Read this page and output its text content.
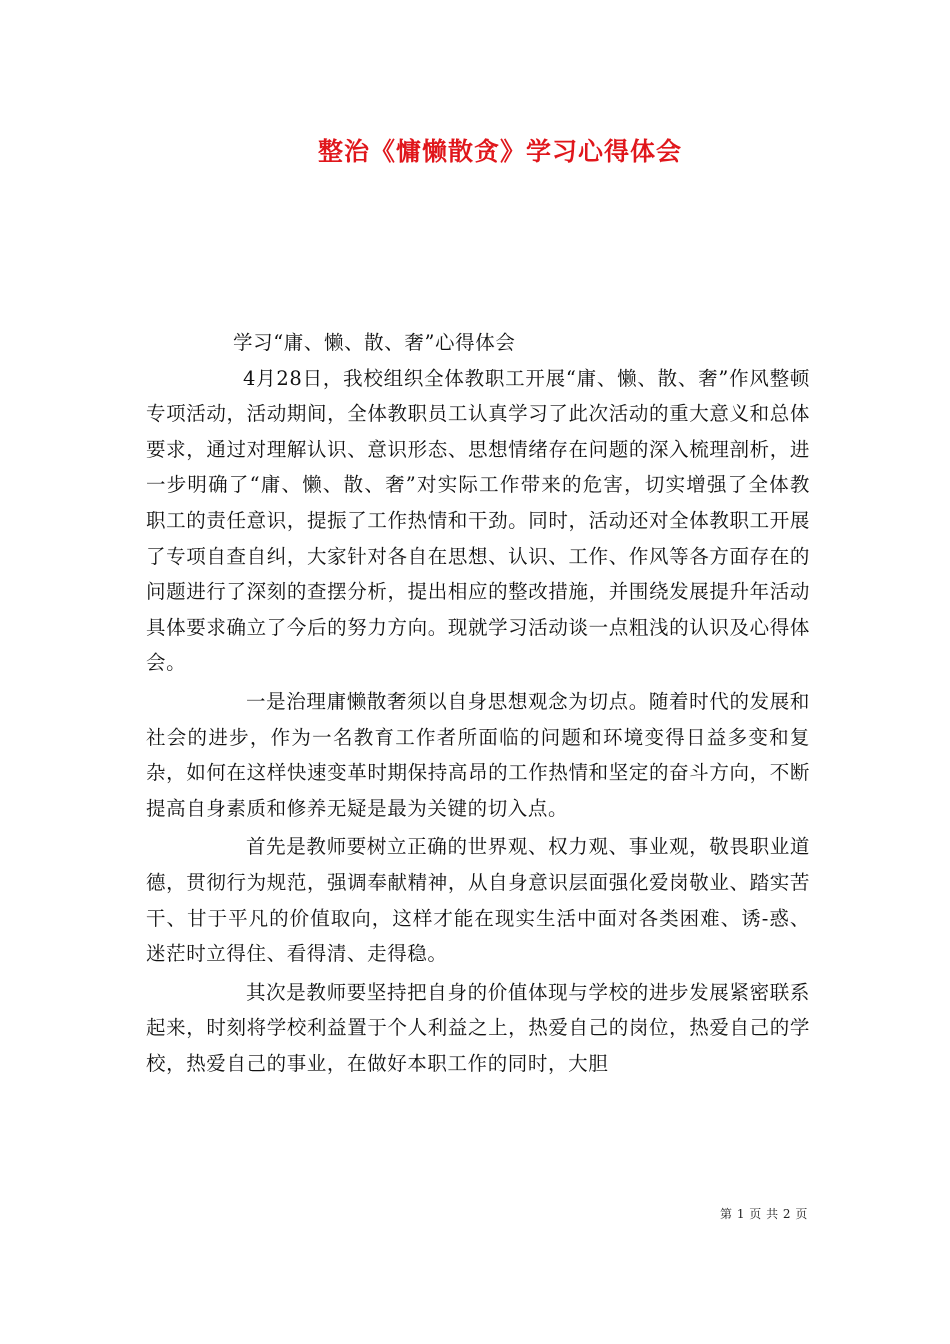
整治《慵懒散贪》学习心得体会

学习“庸、懒、散、奢”心得体会

4月28日，我校组织全体教职工开展“庸、懒、散、奢”作风整顿专项活动，活动期间，全体教职员工认真学习了此次活动的重大意义和总体要求，通过对理解认识、意识形态、思想情绪存在问题的深入梳理剖析，进一步明确了“庸、懒、散、奢”对实际工作带来的危害，切实增强了全体教职工的责任意识，提振了工作热情和干劲。同时，活动还对全体教职工开展了专项自查自纠，大家针对各自在思想、认识、工作、作风等各方面存在的问题进行了深刻的查摆分析，提出相应的整改措施，并围绕发展提升年活动具体要求确立了今后的努力方向。现就学习活动谈一点粗浅的认识及心得体会。

一是治理庸懒散奢须以自身思想观念为切点。随着时代的发展和社会的进步，作为一名教育工作者所面临的问题和环境变得日益多变和复杂，如何在这样快速变革时期保持高昂的工作热情和坚定的奋斗方向，不断提高自身素质和修养无疑是最为关键的切入点。

首先是教师要树立正确的世界观、权力观、事业观，敬畏职业道德，贯彻行为规范，强调奉献精神，从自身意识层面强化爱岗敬业、踏实苦干、甘于平凡的价值取向，这样才能在现实生活中面对各类困难、诱-惑、迷茫时立得住、看得清、走得稳。

其次是教师要坚持把自身的价值体现与学校的进步发展紧密联系起来，时刻将学校利益置于个人利益之上，热爱自己的岗位，热爱自己的学校，热爱自己的事业，在做好本职工作的同时，大胆

第 1 页 共 2 页
